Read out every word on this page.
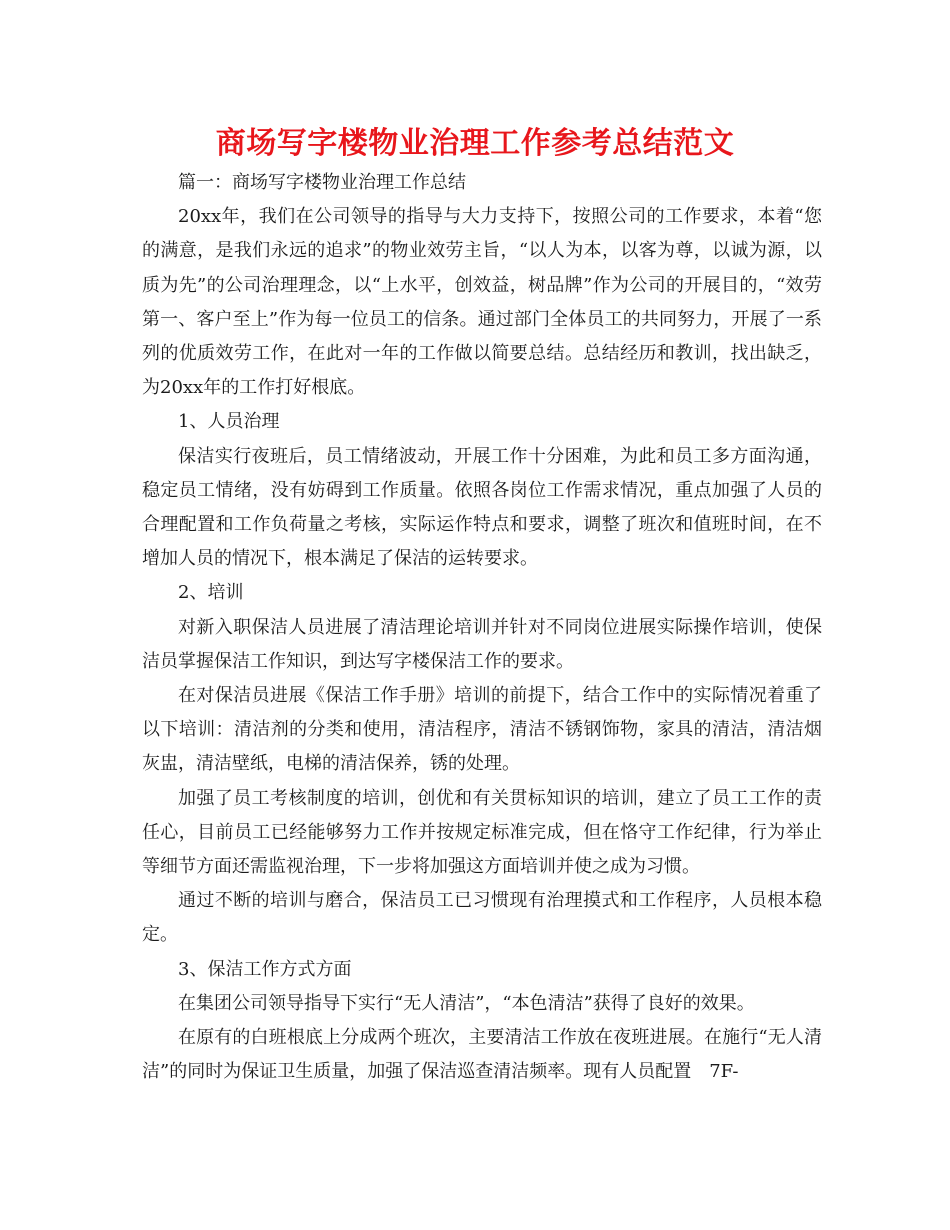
商场写字楼物业治理工作参考总结范文

篇一：商场写字楼物业治理工作总结

20xx年，我们在公司领导的指导与大力支持下，按照公司的工作要求，本着“您的满意，是我们永远的追求”的物业效劳主旨，“以人为本，以客为尊，以诚为源，以质为先”的公司治理理念，以“上水平，创效益，树品牌”作为公司的开展目的，“效劳第一、客户至上”作为每一位员工的信条。通过部门全体员工的共同努力，开展了一系列的优质效劳工作，在此对一年的工作做以简要总结。总结经历和教训，找出缺乏，为20xx年的工作打好根底。

1、人员治理

保洁实行夜班后，员工情绪波动，开展工作十分困难，为此和员工多方面沟通，稳定员工情绪，没有妨碍到工作质量。依照各岗位工作需求情况，重点加强了人员的合理配置和工作负荷量之考核，实际运作特点和要求，调整了班次和值班时间，在不增加人员的情况下，根本满足了保洁的运转要求。

2、培训

对新入职保洁人员进展了清洁理论培训并针对不同岗位进展实际操作培训，使保洁员掌握保洁工作知识，到达写字楼保洁工作的要求。

在对保洁员进展《保洁工作手册》培训的前提下，结合工作中的实际情况着重了以下培训：清洁剂的分类和使用，清洁程序，清洁不锈钢饰物，家具的清洁，清洁烟灰盅，清洁壁纸，电梯的清洁保养，锈的处理。

加强了员工考核制度的培训，创优和有关贯标知识的培训，建立了员工工作的责任心，目前员工已经能够努力工作并按规定标准完成，但在恪守工作纪律，行为举止等细节方面还需监视治理，下一步将加强这方面培训并使之成为习惯。

通过不断的培训与磨合，保洁员工已习惯现有治理摸式和工作程序，人员根本稳定。

3、保洁工作方式方面

在集团公司领导指导下实行“无人清洁”，“本色清洁”获得了良好的效果。

在原有的白班根底上分成两个班次，主要清洁工作放在夜班进展。在施行“无人清洁”的同时为保证卫生质量，加强了保洁巡查清洁频率。现有人员配置　7F-
